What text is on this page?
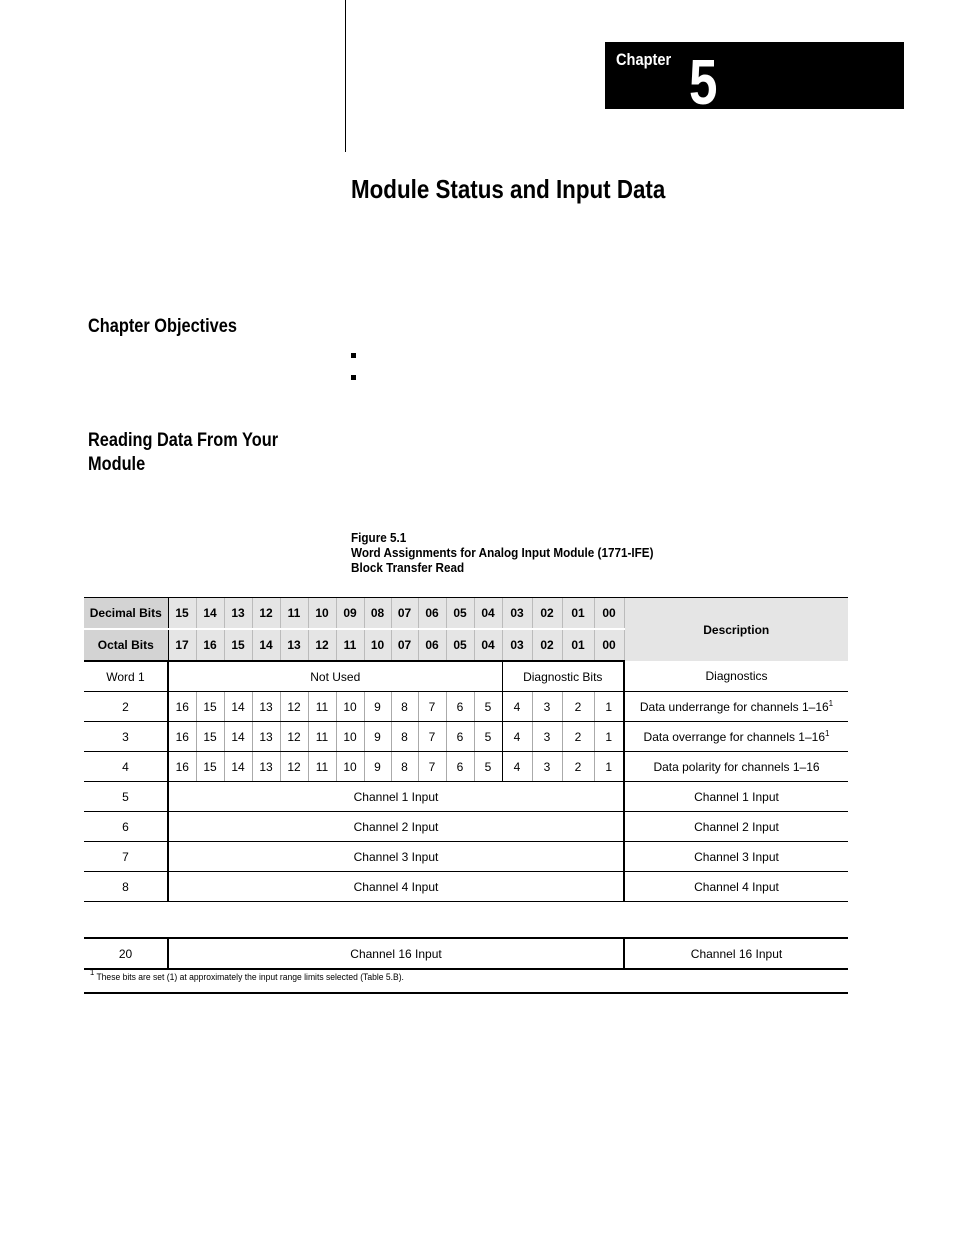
Chapter 5
Module Status and Input Data
Chapter Objectives
Reading Data From Your
Module
Figure 5.1
Word Assignments for Analog Input Module (1771-IFE)
Block Transfer Read
Decimal Bits	15	14	13	12	11	10	09	08	07	06	05	04	03	02	01	00	Description
Octal Bits	17	16	15	14	13	12	11	10	07	06	05	04	03	02	01	00	
Word 1	Not Used												Diagnostic Bits				Diagnostics
2	16	15	14	13	12	11	10	9	8	7	6	5	4	3	2	1	Data underrange for channels $1-16^1$
3	16	15	14	13	12	11	10	9	8	7	6	5	4	3	2	1	Data overrange for channels $1-16^1$
4	16	15	14	13	12	11	10	9	8	7	6	5	4	3	2	1	Data polarity for channels 1–16
5	Channel 1 Input																Channel 1 Input
6	Channel 2 Input																Channel 2 Input
7	Channel 3 Input																Channel 3 Input
8	Channel 4 Input																Channel 4 Input
20	Channel 16 Input	Channel 16 Input
$^1$ These bits are set (1) at approximately the input range limits selected (Table 5.B).
